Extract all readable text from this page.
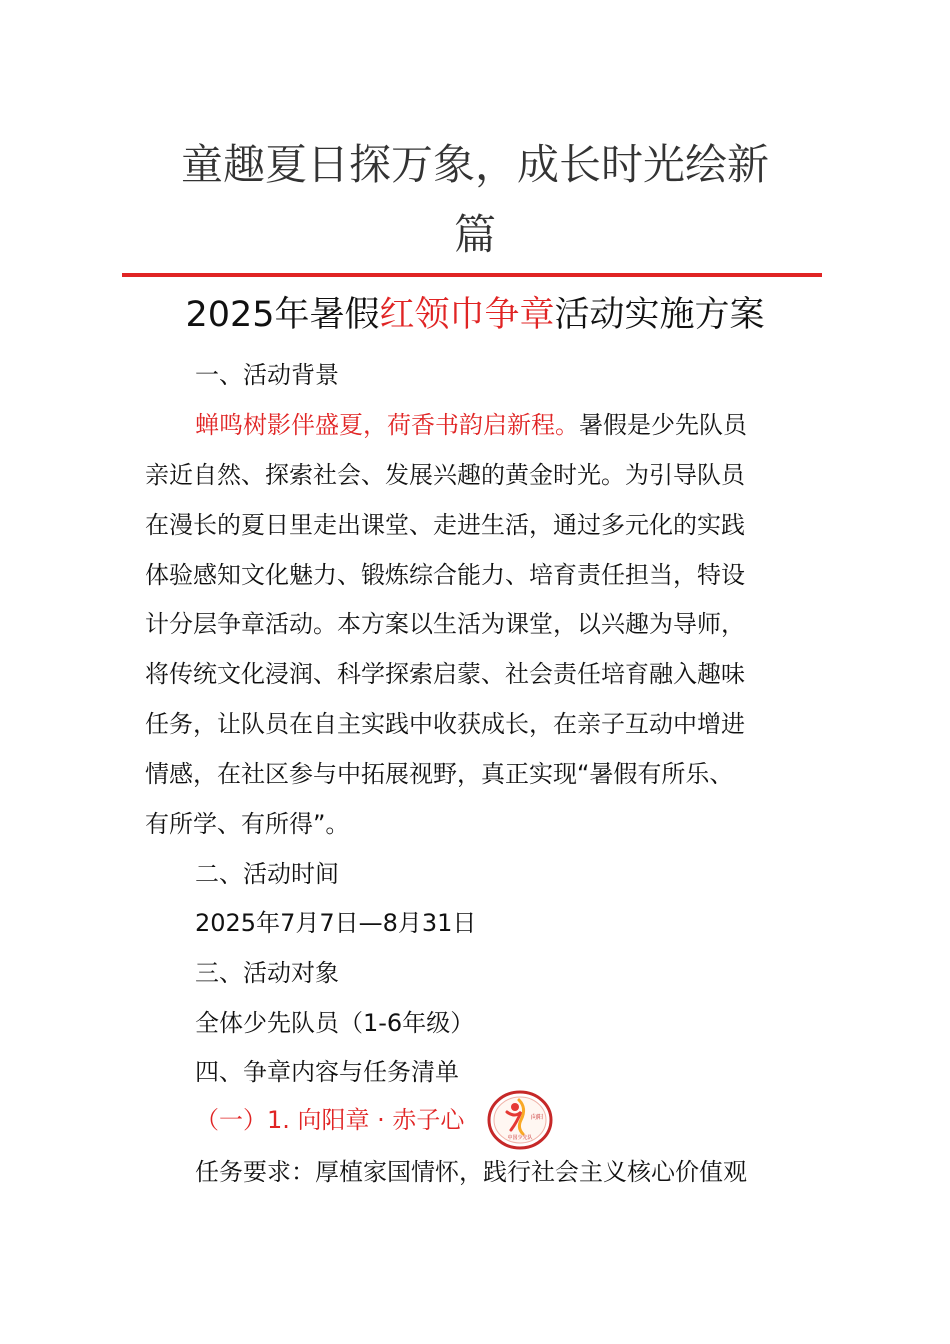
童趣夏日探万象，成长时光绘新
篇
2025年暑假红领巾争章活动实施方案
一、活动背景
蝉鸣树影伴盛夏，荷香书韵启新程。暑假是少先队员
亲近自然、探索社会、发展兴趣的黄金时光。为引导队员
在漫长的夏日里走出课堂、走进生活，通过多元化的实践
体验感知文化魅力、锻炼综合能力、培育责任担当，特设
计分层争章活动。本方案以生活为课堂，以兴趣为导师，
将传统文化浸润、科学探索启蒙、社会责任培育融入趣味
任务，让队员在自主实践中收获成长，在亲子互动中增进
情感，在社区参与中拓展视野，真正实现“暑假有所乐、
有所学、有所得”。
二、活动时间
2025年7月7日—8月31日
三、活动对象
全体少先队员（1-6年级）
四、争章内容与任务清单
（一）1. 向阳章 · 赤子心	向阳
中国少先队
任务要求：厚植家国情怀，践行社会主义核心价值观
